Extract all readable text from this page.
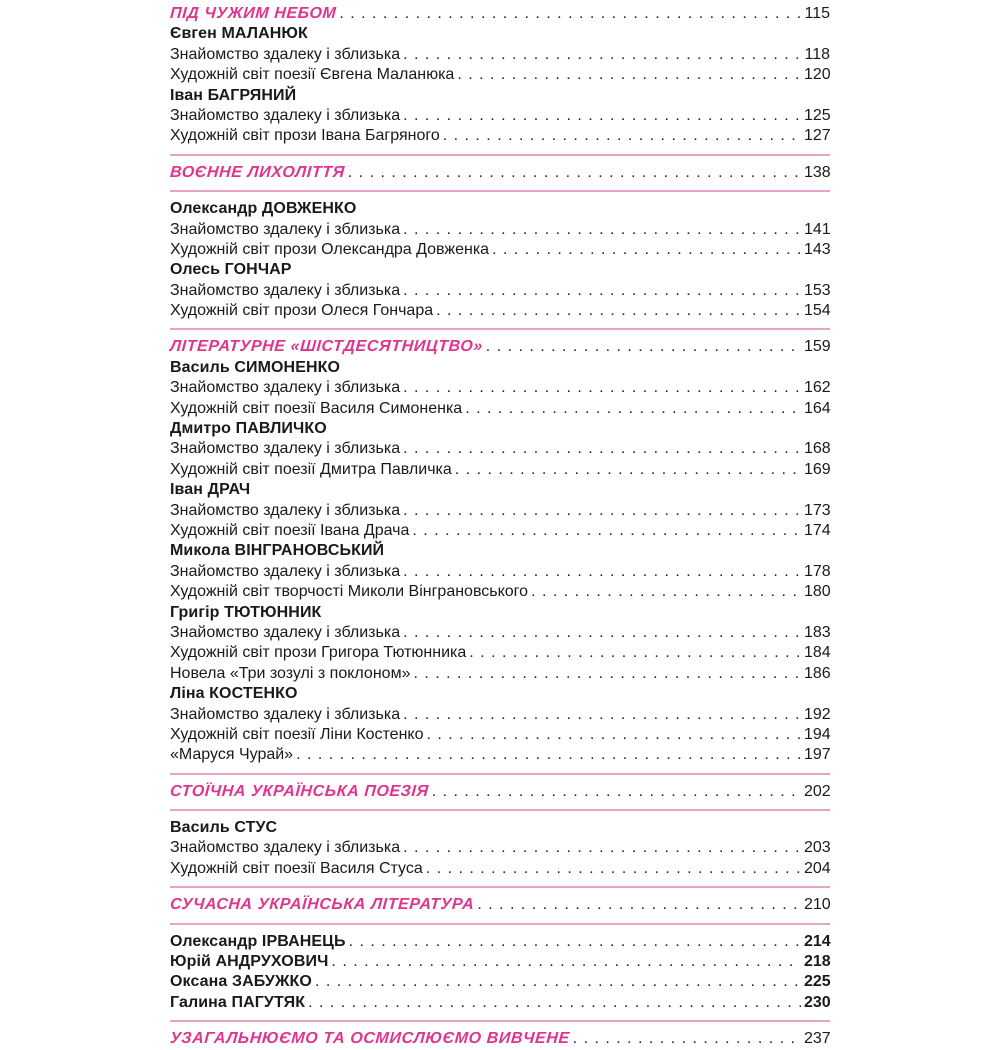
ПІД ЧУЖИМ НЕБОМ . . .	115
Євген МАЛАНЮК
Знайомство здалеку і зблизька . . .	118
Художній світ поезії Євгена Маланюка . . .	120
Іван БАГРЯНИЙ
Знайомство здалеку і зблизька . . .	125
Художній світ прози Івана Багряного . . .	127
ВОЄННЕ ЛИХОЛІТТЯ . . .	138
Олександр ДОВЖЕНКО
Знайомство здалеку і зблизька . . .	141
Художній світ прози Олександра Довженка . . .	143
Олесь ГОНЧАР
Знайомство здалеку і зблизька . . .	153
Художній світ прози Олеся Гончара . . .	154
ЛІТЕРАТУРНЕ «ШІСТДЕСЯТНИЦТВО» . . .	159
Василь СИМОНЕНКО
Знайомство здалеку і зблизька . . .	162
Художній світ поезії Василя Симоненка . . .	164
Дмитро ПАВЛИЧКО
Знайомство здалеку і зблизька . . .	168
Художній світ поезії Дмитра Павличка . . .	169
Іван ДРАЧ
Знайомство здалеку і зблизька . . .	173
Художній світ поезії Івана Драча . . .	174
Микола ВІНГРАНОВСЬКИЙ
Знайомство здалеку і зблизька . . .	178
Художній світ творчості Миколи Вінграновського . . .	180
Григір ТЮТЮННИК
Знайомство здалеку і зблизька . . .	183
Художній світ прози Григора Тютюнника . . .	184
Новела «Три зозулі з поклоном» . . .	186
Ліна КОСТЕНКО
Знайомство здалеку і зблизька . . .	192
Художній світ поезії Ліни Костенко . . .	194
«Маруся Чурай» . . .	197
СТОЇЧНА УКРАЇНСЬКА ПОЕЗІЯ . . .	202
Василь СТУС
Знайомство здалеку і зблизька . . .	203
Художній світ поезії Василя Стуса . . .	204
СУЧАСНА УКРАЇНСЬКА ЛІТЕРАТУРА . . .	210
Олександр ІРВАНЕЦЬ . . .	214
Юрій АНДРУХОВИЧ . . .	218
Оксана ЗАБУЖКО . . .	225
Галина ПАГУТЯК . . .	230
УЗАГАЛЬНЮЄМО ТА ОСМИСЛЮЄМО ВИВЧЕНЕ . . .	237
